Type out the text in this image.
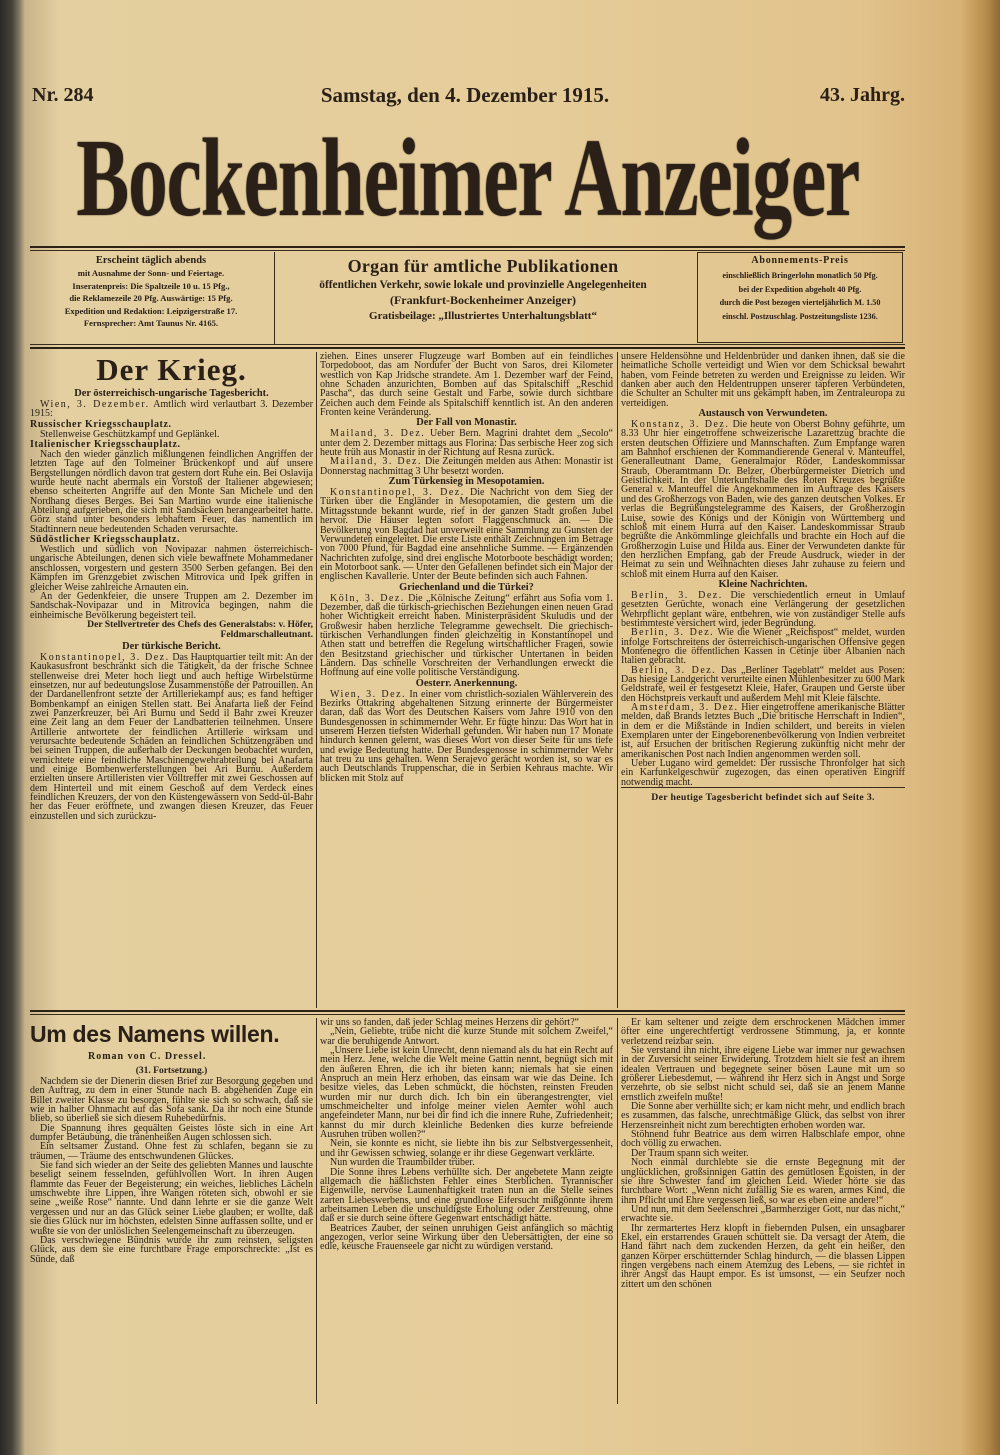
Nr. 284	Samstag, den 4. Dezember 1915.	43. Jahrg.
Bockenheimer Anzeiger
Erscheint täglich abends
mit Ausnahme der Sonn- und Feiertage.
Inseratenpreis: Die Spaltzeile 10 u. 15 Pfg.,
die Reklamezeile 20 Pfg. Auswärtige: 15 Pfg.
Expedition und Redaktion: Leipzigerstraße 17.
Fernsprecher: Amt Taunus Nr. 4165.
Organ für amtliche Publikationen
öffentlichen Verkehr, sowie lokale und provinzielle Angelegenheiten
(Frankfurt-Bockenheimer Anzeiger)
Gratisbeilage: „Illustriertes Unterhaltungsblatt“
Abonnements-Preis
einschließlich Bringerlohn monatlich 50 Pfg.
bei der Expedition abgeholt 40 Pfg.
durch die Post bezogen vierteljährlich M. 1.50
einschl. Postzuschlag. Postzeitungsliste 1236.

Der Krieg.

Der österreichisch-ungarische Tagesbericht.

Wien, 3. Dezember. Amtlich wird verlautbart 3. Dezember 1915:

Russischer Kriegsschauplatz.

Stellenweise Geschützkampf und Geplänkel.

Italienischer Kriegsschauplatz.

Nach den wieder gänzlich mißlungenen feindlichen Angriffen der letzten Tage auf den Tolmeiner Brückenkopf und auf unsere Bergstellungen nördlich davon trat gestern dort Ruhe ein. Bei Oslavija wurde heute nacht abermals ein Vorstoß der Italiener abgewiesen; ebenso scheiterten Angriffe auf den Monte San Michele und den Nordhang dieses Berges. Bei San Martino wurde eine italienische Abteilung aufgerieben, die sich mit Sandsäcken herangearbeitet hatte. Görz stand unter besonders lebhaftem Feuer, das namentlich im Stadtinnern neue bedeutenden Schaden verursachte.

Südöstlicher Kriegsschauplatz.

Westlich und südlich von Novipazar nahmen österreichisch-ungarische Abteilungen, denen sich viele bewaffnete Mohammedaner anschlossen, vorgestern und gestern 3500 Serben gefangen. Bei den Kämpfen im Grenzgebiet zwischen Mitrovica und Ipek griffen in gleicher Weise zahlreiche Arnauten ein.

An der Gedenkfeier, die unsere Truppen am 2. Dezember im Sandschak-Novipazar und in Mitrovica begingen, nahm die einheimische Bevölkerung begeistert teil.

Der Stellvertreter des Chefs des Generalstabs: v. Höfer, Feldmarschalleutnant.

Der türkische Bericht.

Konstantinopel, 3. Dez. Das Hauptquartier teilt mit: An der Kaukasusfront beschränkt sich die Tätigkeit, da der frische Schnee stellenweise drei Meter hoch liegt und auch heftige Wirbelstürme einsetzen, nur auf bedeutungslose Zusammenstöße der Patrouillen. An der Dardanellenfront setzte der Artilleriekampf aus; es fand heftiger Bombenkampf an einigen Stellen statt. Bei Anafarta ließ der Feind zwei Panzerkreuzer, bei Ari Burnu und Sedd il Bahr zwei Kreuzer eine Zeit lang an dem Feuer der Landbatterien teilnehmen. Unsere Artillerie antwortete der feindlichen Artillerie wirksam und verursachte bedeutende Schäden an feindlichen Schützengräben und bei seinen Truppen, die außerhalb der Deckungen beobachtet wurden, vernichtete eine feindliche Maschinengewehrabteilung bei Anafarta und einige Bombenwerferstellungen bei Ari Burnu. Außerdem erzielten unsere Artilleristen vier Volltreffer mit zwei Geschossen auf dem Hinterteil und mit einem Geschoß auf dem Verdeck eines feindlichen Kreuzers, der von den Küstengewässern von Sedd-ül-Bahr her das Feuer eröffnete, und zwangen diesen Kreuzer, das Feuer einzustellen und sich zurückzu-

ziehen. Eines unserer Flugzeuge warf Bomben auf ein feindliches Torpedoboot, das am Nordufer der Bucht von Saros, drei Kilometer westlich von Kap Jridsche strandete. Am 1. Dezember warf der Feind, ohne Schaden anzurichten, Bomben auf das Spitalschiff „Reschid Pascha“, das durch seine Gestalt und Farbe, sowie durch sichtbare Zeichen auch dem Feinde als Spitalschiff kenntlich ist. An den anderen Fronten keine Veränderung.

Der Fall von Monastir.

Mailand, 3. Dez. Ueber Bern. Magrini drahtet dem „Secolo“ unter dem 2. Dezember mittags aus Florina: Das serbische Heer zog sich heute früh aus Monastir in der Richtung auf Resna zurück.

Mailand, 3. Dez. Die Zeitungen melden aus Athen: Monastir ist Donnerstag nachmittag 3 Uhr besetzt worden.

Zum Türkensieg in Mesopotamien.

Konstantinopel, 3. Dez. Die Nachricht von dem Sieg der Türken über die Engländer in Mesopotamien, die gestern um die Mittagsstunde bekannt wurde, rief in der ganzen Stadt großen Jubel hervor. Die Häuser legten sofort Flaggenschmuck an. — Die Bevölkerung von Bagdad hat unverweilt eine Sammlung zu Gunsten der Verwundeten eingeleitet. Die erste Liste enthält Zeichnungen im Betrage von 7000 Pfund, für Bagdad eine ansehnliche Summe. — Ergänzenden Nachrichten zufolge, sind drei englische Motorboote beschädigt worden; ein Motorboot sank. — Unter den Gefallenen befindet sich ein Major der englischen Kavallerie. Unter der Beute befinden sich auch Fahnen.

Griechenland und die Türkei?

Köln, 3. Dez. Die „Kölnische Zeitung“ erfährt aus Sofia vom 1. Dezember, daß die türkisch-griechischen Beziehungen einen neuen Grad hoher Wichtigkeit erreicht haben. Ministerpräsident Skuludis und der Großwesir haben herzliche Telegramme gewechselt. Die griechisch-türkischen Verhandlungen finden gleichzeitig in Konstantinopel und Athen statt und betreffen die Regelung wirtschaftlicher Fragen, sowie den Besitzstand griechischer und türkischer Untertanen in beiden Ländern. Das schnelle Vorschreiten der Verhandlungen erweckt die Hoffnung auf eine volle politische Verständigung.

Oesterr. Anerkennung.

Wien, 3. Dez. In einer vom christlich-sozialen Wählerverein des Bezirks Ottakring abgehaltenen Sitzung erinnerte der Bürgermeister daran, daß das Wort des Deutschen Kaisers vom Jahre 1910 von den Bundesgenossen in schimmernder Wehr. Er fügte hinzu: Das Wort hat in unserem Herzen tiefsten Widerhall gefunden. Wir haben nun 17 Monate hindurch kennen gelernt, was dieses Wort von dieser Seite für uns tiefe und ewige Bedeutung hatte. Der Bundesgenosse in schimmernder Wehr hat treu zu uns gehalten. Wenn Serajevo gerächt worden ist, so war es auch Deutschlands Truppenschar, die in Serbien Kehraus machte. Wir blicken mit Stolz auf

unsere Heldensöhne und Heldenbrüder und danken ihnen, daß sie die heimatliche Scholle verteidigt und Wien vor dem Schicksal bewahrt haben, vom Feinde betreten zu werden und Ereignisse zu leiden. Wir danken aber auch den Heldentruppen unserer tapferen Verbündeten, die Schulter an Schulter mit uns gekämpft haben, im Zentraleuropa zu verteidigen.

Austausch von Verwundeten.

Konstanz, 3. Dez. Die heute von Oberst Bohny geführte, um 8.33 Uhr hier eingetroffene schweizerische Lazarettzug brachte die ersten deutschen Offiziere und Mannschaften. Zum Empfange waren am Bahnhof erschienen der Kommandierende General v. Manteuffel, Generalleutnant Dame, Generalmajor Röder, Landeskommissar Straub, Oberamtmann Dr. Belzer, Oberbürgermeister Dietrich und Geistlichkeit. In der Unterkunftshalle des Roten Kreuzes begrüßte General v. Manteuffel die Angekommenen im Auftrage des Kaisers und des Großherzogs von Baden, wie des ganzen deutschen Volkes. Er verlas die Begrüßungstelegramme des Kaisers, der Großherzogin Luise, sowie des Königs und der Königin von Württemberg und schloß mit einem Hurra auf den Kaiser. Landeskommissar Straub begrüßte die Ankömmlinge gleichfalls und brachte ein Hoch auf die Großherzogin Luise und Hilda aus. Einer der Verwundeten dankte für den herzlichen Empfang, gab der Freude Ausdruck, wieder in der Heimat zu sein und Weihnachten dieses Jahr zuhause zu feiern und schloß mit einem Hurra auf den Kaiser.

Kleine Nachrichten.

Berlin, 3. Dez. Die verschiedentlich erneut in Umlauf gesetzten Gerüchte, wonach eine Verlängerung der gesetzlichen Wehrpflicht geplant wäre, entbehren, wie von zuständiger Stelle aufs bestimmteste versichert wird, jeder Begründung.

Berlin, 3. Dez. Wie die Wiener „Reichspost“ meldet, wurden infolge Fortschreitens der österreichisch-ungarischen Offensive gegen Montenegro die öffentlichen Kassen in Cetinje über Albanien nach Italien gebracht.

Berlin, 3. Dez. Das „Berliner Tageblatt“ meldet aus Posen: Das hiesige Landgericht verurteilte einen Mühlenbesitzer zu 600 Mark Geldstrafe, weil er festgesetzt Kleie, Hafer, Graupen und Gerste über den Höchstpreis verkauft und außerdem Mehl mit Kleie fälschte.

Amsterdam, 3. Dez. Hier eingetroffene amerikanische Blätter melden, daß Brands letztes Buch „Die britische Herrschaft in Indien“, in dem er die Mißstände in Indien schildert, und bereits in vielen Exemplaren unter der Eingeborenenbevölkerung von Indien verbreitet ist, auf Ersuchen der britischen Regierung zukünftig nicht mehr der amerikanischen Post nach Indien angenommen werden soll.

Ueber Lugano wird gemeldet: Der russische Thronfolger hat sich ein Karfunkelgeschwür zugezogen, das einen operativen Eingriff notwendig macht.

Der heutige Tagesbericht befindet sich auf Seite 3.

Um des Namens willen.
Roman von C. Dressel.

(31. Fortsetzung.)

Nachdem sie der Dienerin diesen Brief zur Besorgung gegeben und den Auftrag, zu dem in einer Stunde nach B. abgehenden Zuge ein Billet zweiter Klasse zu besorgen, fühlte sie sich so schwach, daß sie wie in halber Ohnmacht auf das Sofa sank. Da ihr noch eine Stunde blieb, so überließ sie sich diesem Ruhebedürfnis.

Die Spannung ihres gequälten Geistes löste sich in eine Art dumpfer Betäubung, die tränenheißen Augen schlossen sich.

Ein seltsamer Zustand. Ohne fest zu schlafen, begann sie zu träumen, — Träume des entschwundenen Glückes.

Sie fand sich wieder an der Seite des geliebten Mannes und lauschte beseligt seinem fesselnden, gefühlvollen Wort. In ihren Augen flammte das Feuer der Begeisterung; ein weiches, liebliches Lächeln umschwebte ihre Lippen, ihre Wangen röteten sich, obwohl er sie seine „weiße Rose“ nannte. Und dann lehrte er sie die ganze Welt vergessen und nur an das Glück seiner Liebe glauben; er wollte, daß sie dies Glück nur im höchsten, edelsten Sinne auffassen sollte, und er wußte sie von der unlöslichen Seelengemeinschaft zu überzeugen.

Das verschwiegene Bündnis wurde ihr zum reinsten, seligsten Glück, aus dem sie eine furchtbare Frage emporschreckte: „Ist es Sünde, daß

wir uns so fanden, daß jeder Schlag meines Herzens dir gehört?“

„Nein, Geliebte, trübe nicht die kurze Stunde mit solchem Zweifel,“ war die beruhigende Antwort.

„Unsere Liebe ist kein Unrecht, denn niemand als du hat ein Recht auf mein Herz. Jene, welche die Welt meine Gattin nennt, begnügt sich mit den äußeren Ehren, die ich ihr bieten kann; niemals hat sie einen Anspruch an mein Herz erhoben, das einsam war wie das Deine. Ich besitze vieles, das Leben schmückt, die höchsten, reinsten Freuden wurden mir nur durch dich. Ich bin ein überangestrengter, viel umschmeichelter und infolge meiner vielen Aemter wohl auch angefeindeter Mann, nur bei dir find ich die innere Ruhe, Zufriedenheit; kannst du mir durch kleinliche Bedenken dies kurze befreiende Ausruhen trüben wollen?“

Nein, sie konnte es nicht, sie liebte ihn bis zur Selbstvergessenheit, und ihr Gewissen schwieg, solange er ihr diese Gegenwart verklärte.

Nun wurden die Traumbilder trüber.

Die Sonne ihres Lebens verhüllte sich. Der angebetete Mann zeigte allgemach die häßlichsten Fehler eines Sterblichen. Tyrannischer Eigenwille, nervöse Launenhaftigkeit traten nun an die Stelle seines zarten Liebeswerbens, und eine grundlose Eifersucht mißgönnte ihrem arbeitsamen Leben die unschuldigste Erholung oder Zerstreuung, ohne daß er sie durch seine öftere Gegenwart entschädigt hätte.

Beatrices Zauber, der seinen unruhigen Geist anfänglich so mächtig angezogen, verlor seine Wirkung über den Uebersättigten, der eine so edle, keusche Frauenseele gar nicht zu würdigen verstand.

Er kam seltener und zeigte dem erschrockenen Mädchen immer öfter eine ungerechtfertigt verdrossene Stimmung, ja, er konnte verletzend reizbar sein.

Sie verstand ihn nicht, ihre eigene Liebe war immer nur gewachsen in der Zuversicht seiner Erwiderung. Trotzdem hielt sie fest an ihrem idealen Vertrauen und begegnete seiner bösen Laune mit um so größerer Liebesdemut, — während ihr Herz sich in Angst und Sorge verzehrte, ob sie selbst nicht schuld sei, daß sie an jenem Manne ernstlich zweifeln mußte!

Die Sonne aber verhüllte sich; er kam nicht mehr, und endlich brach es zusammen, das falsche, unrechtmäßige Glück, das selbst von ihrer Herzensreinheit nicht zum berechtigten erhoben worden war.

Stöhnend fuhr Beatrice aus dem wirren Halbschlafe empor, ohne doch völlig zu erwachen.

Der Traum spann sich weiter.

Noch einmal durchlebte sie die ernste Begegnung mit der unglücklichen, großsinnigen Gattin des gemütlosen Egoisten, in der sie ihre Schwester fand im gleichen Leid. Wieder hörte sie das furchtbare Wort: „Wenn nicht zufällig Sie es waren, armes Kind, die ihm Pflicht und Ehre vergessen ließ, so war es eben eine andere!“

Und nun, mit dem Seelenschrei „Barmherziger Gott, nur das nicht,“ erwachte sie.

Ihr zermartertes Herz klopft in fiebernden Pulsen, ein unsagbarer Ekel, ein erstarrendes Grauen schüttelt sie. Da versagt der Atem, die Hand fährt nach dem zuckenden Herzen, da geht ein heißer, den ganzen Körper erschütternder Schlag hindurch, — die blassen Lippen ringen vergebens nach einem Atemzug des Lebens, — sie richtet in ihrer Angst das Haupt empor. Es ist umsonst, — ein Seufzer noch zittert um den schönen
